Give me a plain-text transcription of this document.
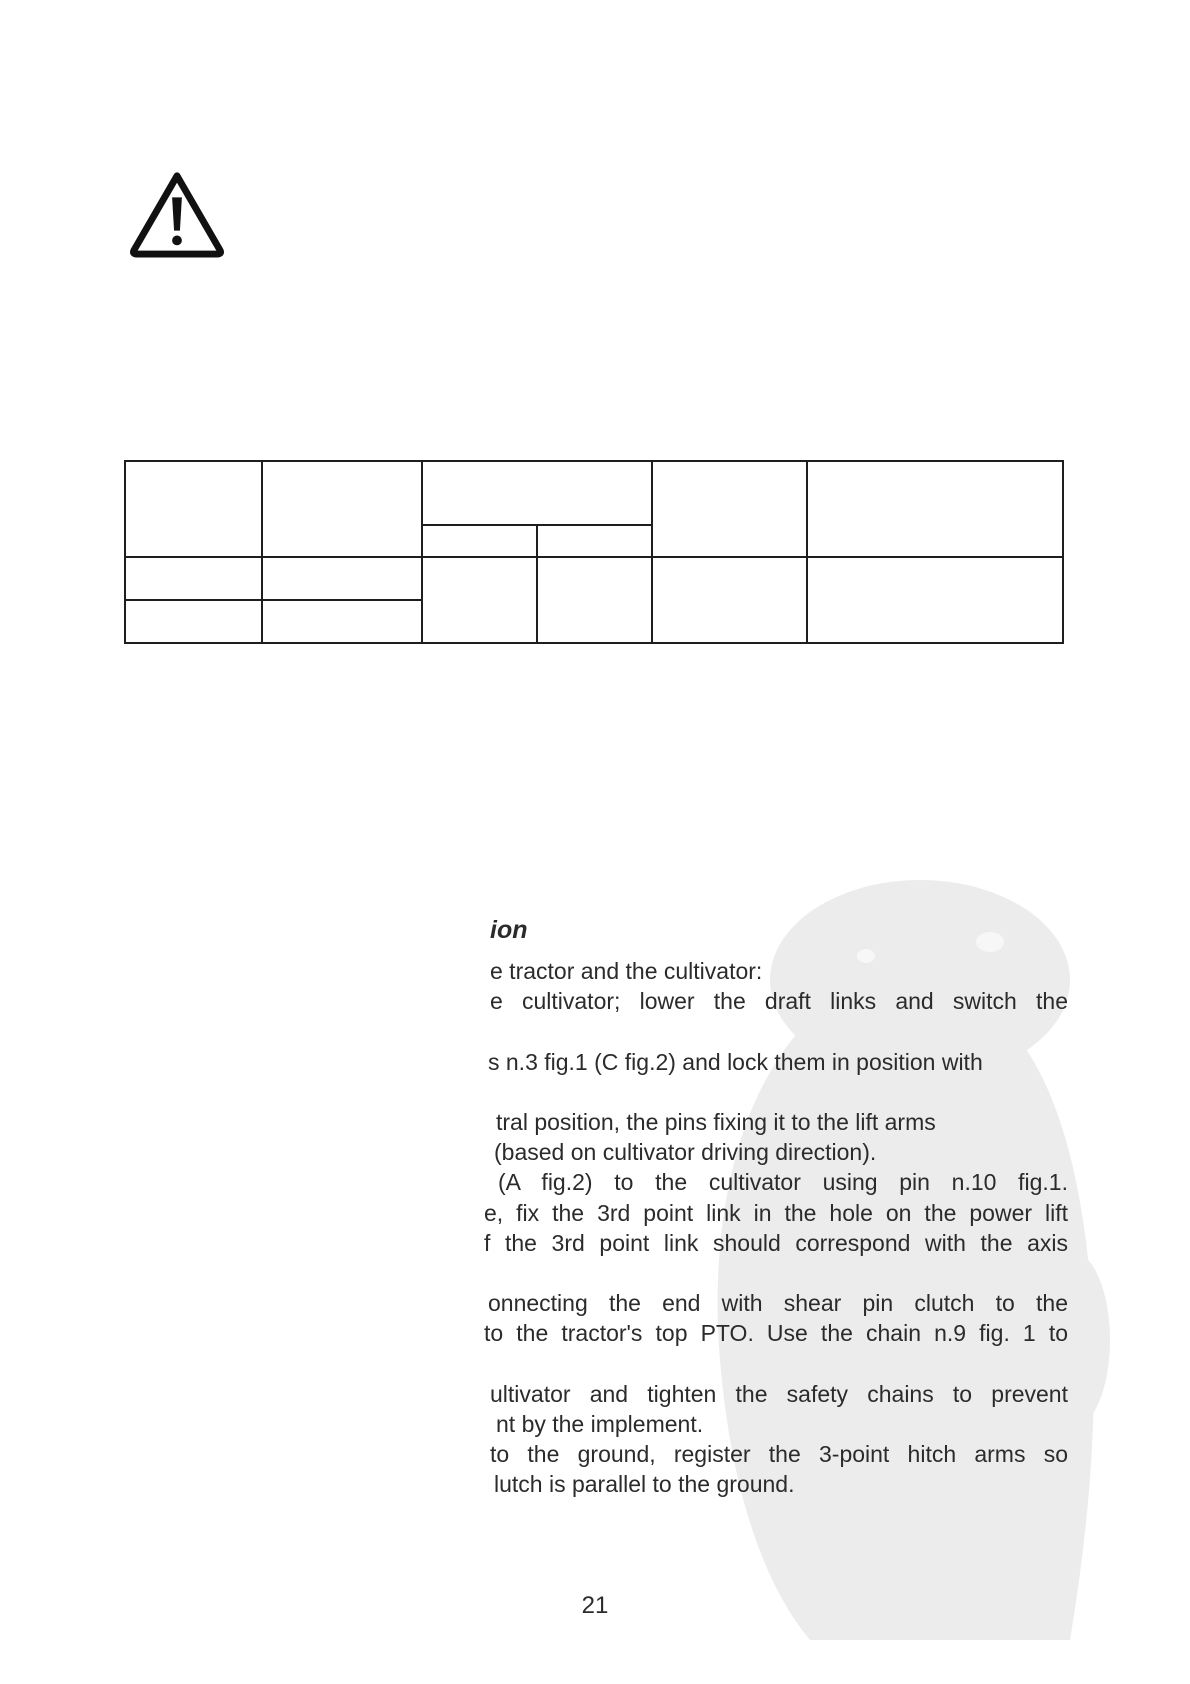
ion
e tractor and the cultivator:
e cultivator; lower the draft links and switch the

s n.3 fig.1 (C fig.2) and lock them in position with

tral position, the pins fixing it to the lift arms
(based on cultivator driving direction).
(A fig.2) to the cultivator using pin n.10 fig.1.
e, fix the 3rd point link in the hole on the power lift
f the 3rd point link should correspond with the axis

onnecting the end with shear pin clutch to the
to the tractor's top PTO. Use the chain n.9 fig. 1 to

ultivator and tighten the safety chains to prevent
nt by the implement.
to the ground, register the 3-point hitch arms so
lutch is parallel to the ground.
21
